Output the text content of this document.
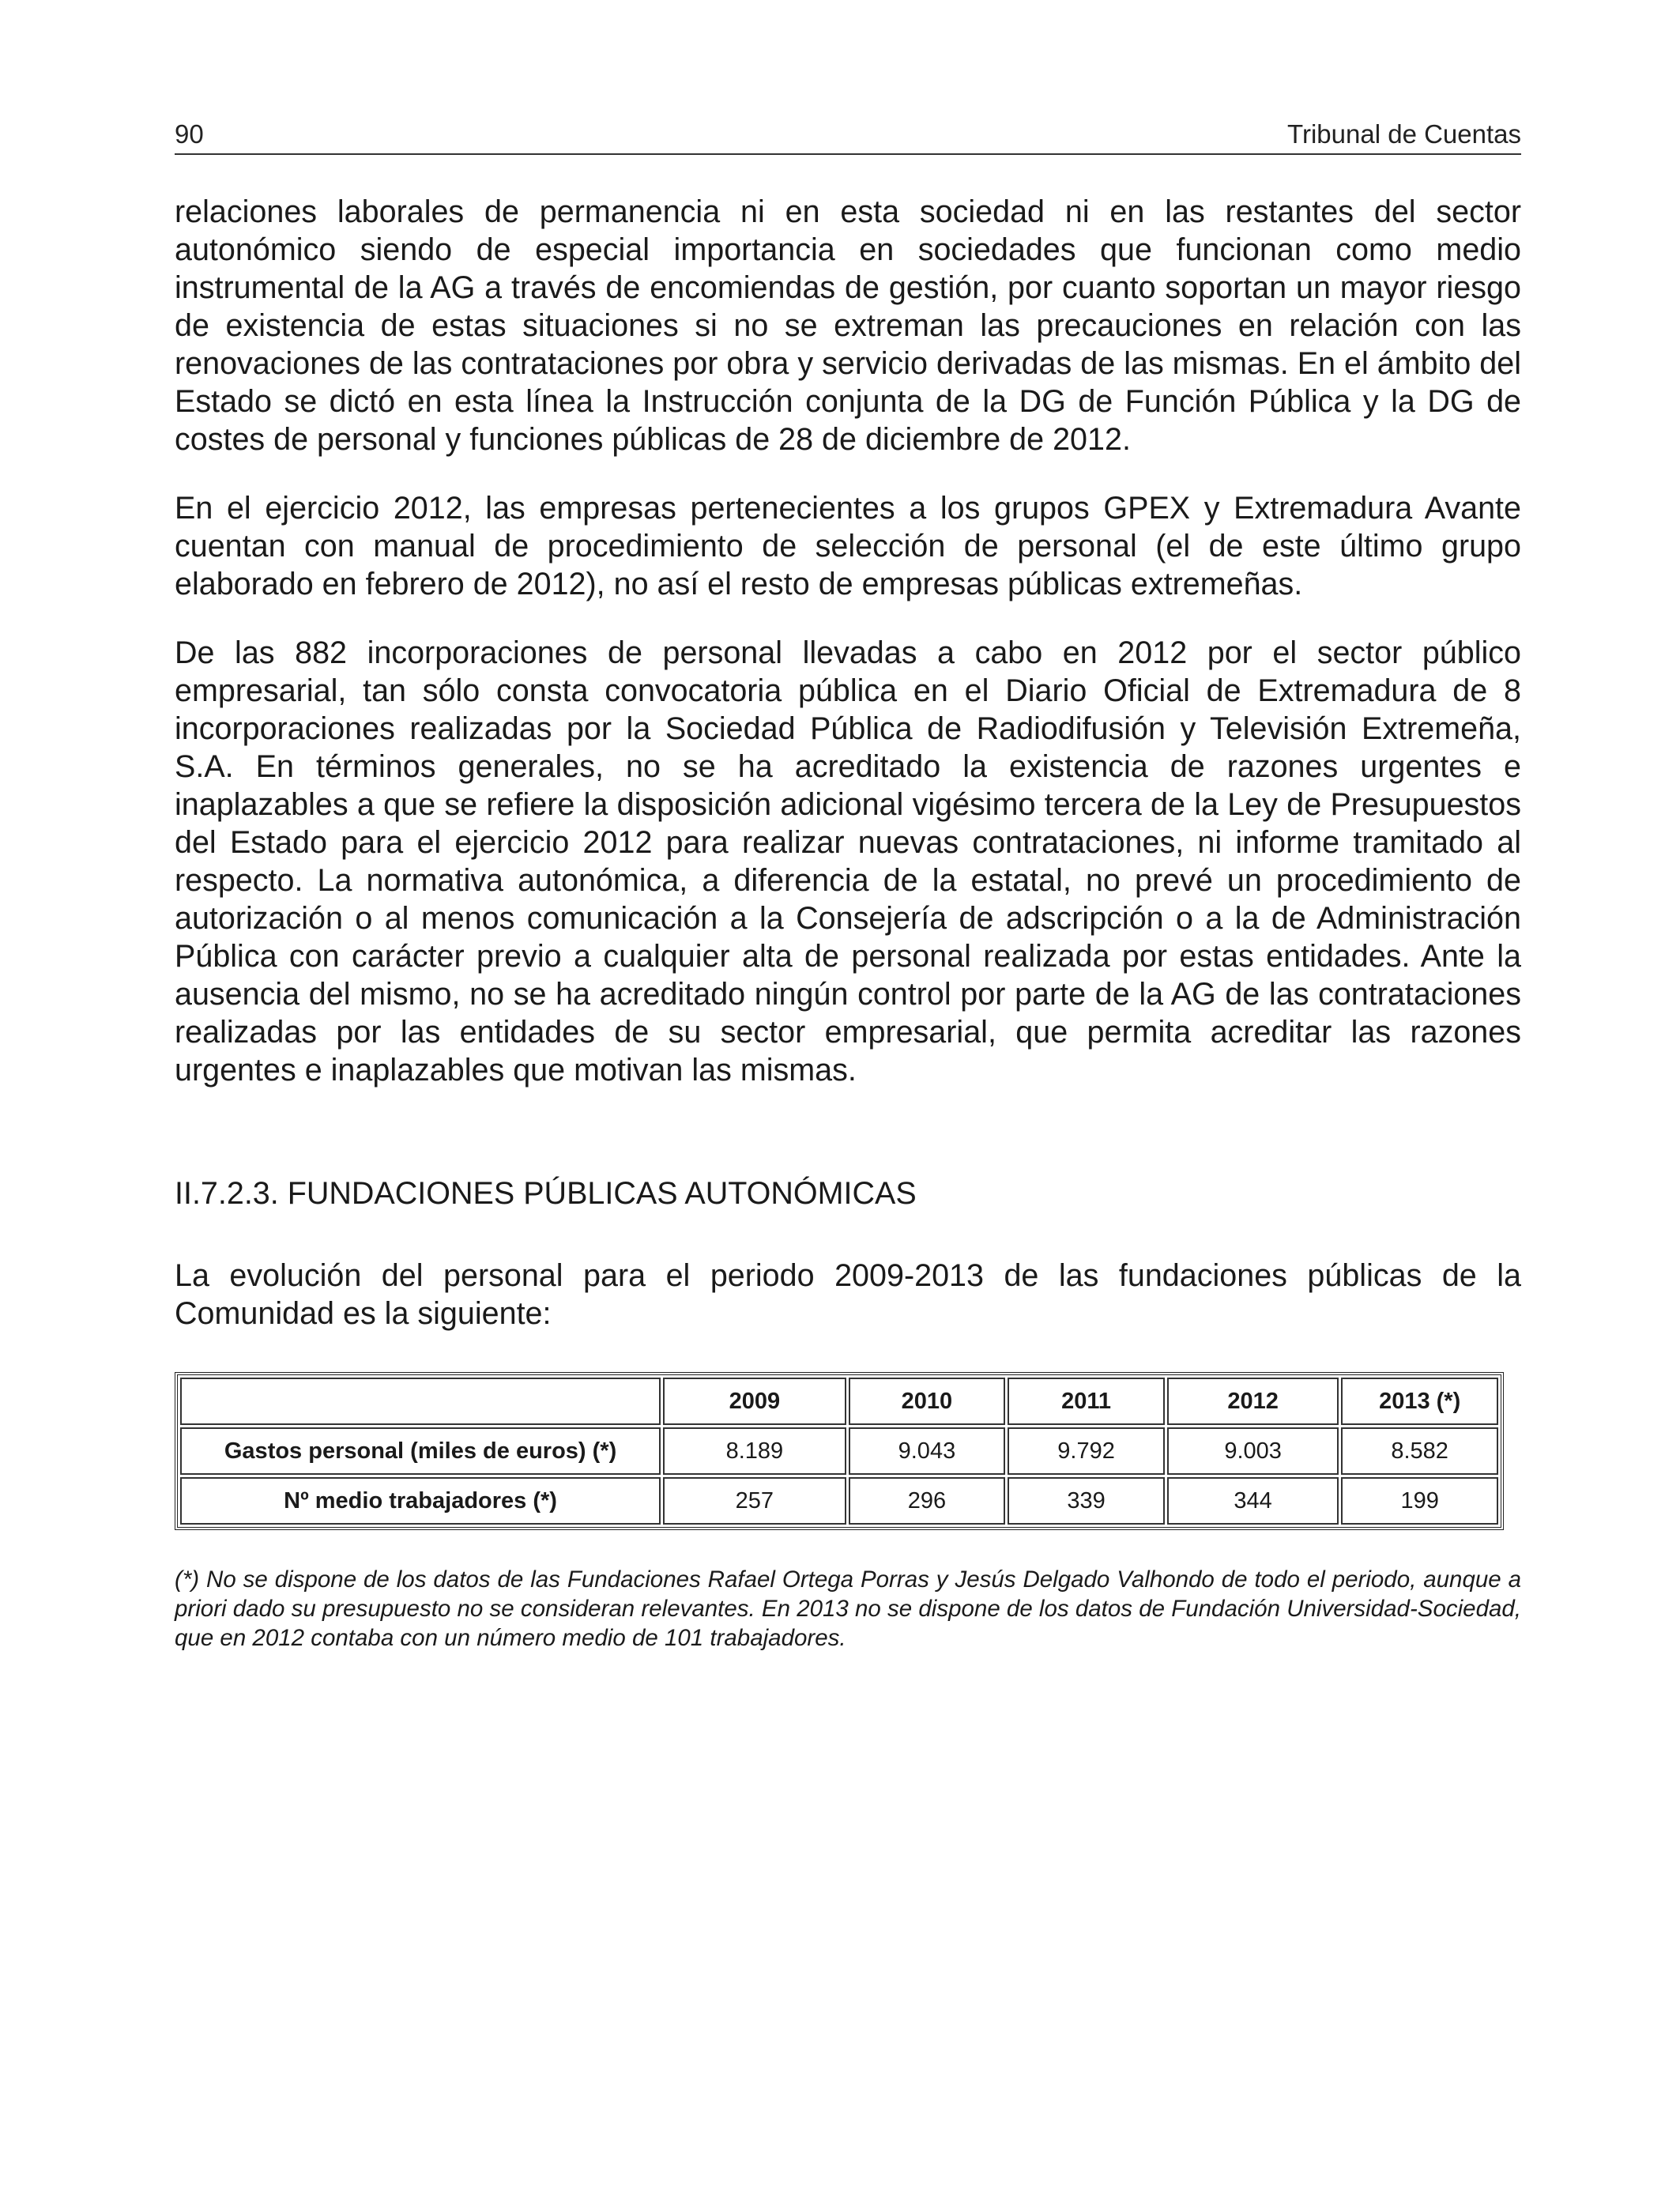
90	Tribunal de Cuentas

relaciones laborales de permanencia ni en esta sociedad ni en las restantes del sector autonómico siendo de especial importancia en sociedades que funcionan como medio instrumental de la AG a través de encomiendas de gestión, por cuanto soportan un mayor riesgo de existencia de estas situaciones si no se extreman las precauciones en relación con las renovaciones de las contrataciones por obra y servicio derivadas de las mismas. En el ámbito del Estado se dictó en esta línea la Instrucción conjunta de la DG de Función Pública y la DG de costes de personal y funciones públicas de 28 de diciembre de 2012.

En el ejercicio 2012, las empresas pertenecientes a los grupos GPEX y Extremadura Avante cuentan con manual de procedimiento de selección de personal (el de este último grupo elaborado en febrero de 2012), no así el resto de empresas públicas extremeñas.

De las 882 incorporaciones de personal llevadas a cabo en 2012 por el sector público empresarial, tan sólo consta convocatoria pública en el Diario Oficial de Extremadura de 8 incorporaciones realizadas por la Sociedad Pública de Radiodifusión y Televisión Extremeña, S.A. En términos generales, no se ha acreditado la existencia de razones urgentes e inaplazables a que se refiere la disposición adicional vigésimo tercera de la Ley de Presupuestos del Estado para el ejercicio 2012 para realizar nuevas contrataciones, ni informe tramitado al respecto. La normativa autonómica, a diferencia de la estatal, no prevé un procedimiento de autorización o al menos comunicación a la Consejería de adscripción o a la de Administración Pública con carácter previo a cualquier alta de personal realizada por estas entidades. Ante la ausencia del mismo, no se ha acreditado ningún control por parte de la AG de las contrataciones realizadas por las entidades de su sector empresarial, que permita acreditar las razones urgentes e inaplazables que motivan las mismas.

II.7.2.3. FUNDACIONES PÚBLICAS AUTONÓMICAS

La evolución del personal para el periodo 2009-2013 de las fundaciones públicas de la Comunidad es la siguiente:

	2009	2010	2011	2012	2013 (*)
Gastos personal (miles de euros) (*)	8.189	9.043	9.792	9.003	8.582
Nº medio trabajadores (*)	257	296	339	344	199

(*) No se dispone de los datos de las Fundaciones Rafael Ortega Porras y Jesús Delgado Valhondo de todo el periodo, aunque a priori dado su presupuesto no se consideran relevantes. En 2013 no se dispone de los datos de Fundación Universidad-Sociedad, que en 2012 contaba con un número medio de 101 trabajadores.
